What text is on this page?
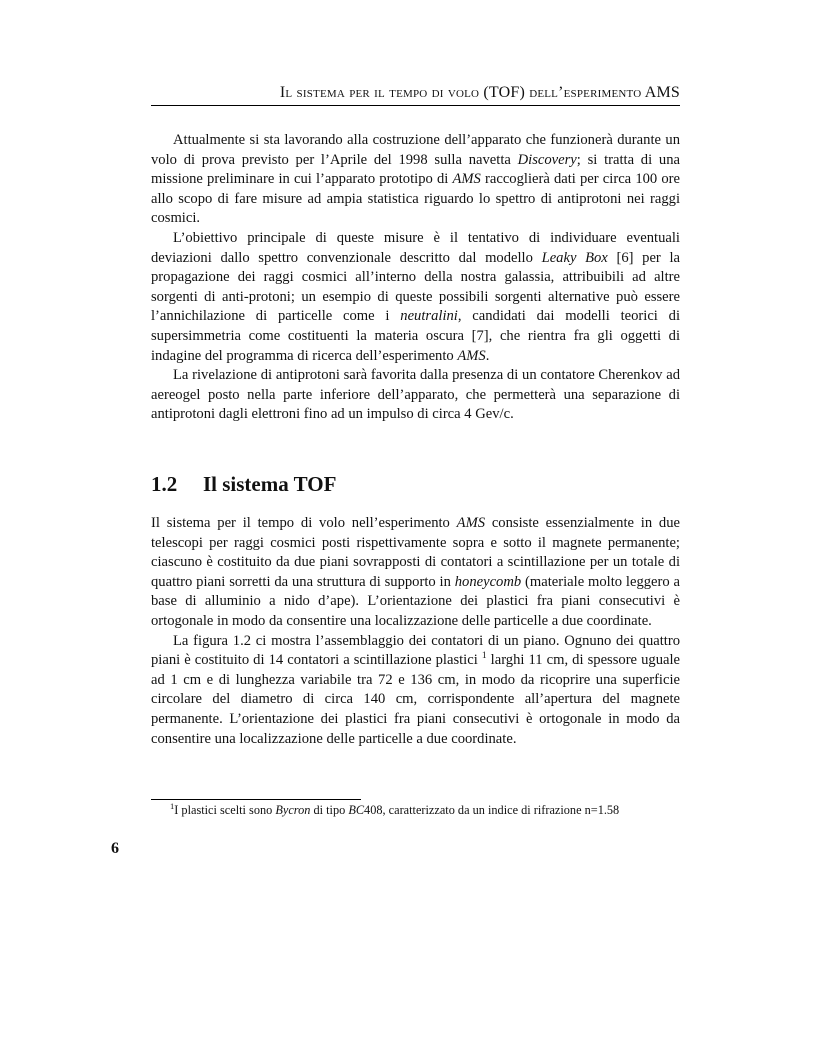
Il sistema per il tempo di volo (TOF) dell’esperimento AMS

Attualmente si sta lavorando alla costruzione dell’apparato che funzionerà durante un volo di prova previsto per l’Aprile del 1998 sulla navetta Discovery; si tratta di una missione preliminare in cui l’apparato prototipo di AMS raccoglierà dati per circa 100 ore allo scopo di fare misure ad ampia statistica riguardo lo spettro di antiprotoni nei raggi cosmici.

L’obiettivo principale di queste misure è il tentativo di individuare eventuali deviazioni dallo spettro convenzionale descritto dal modello Leaky Box [6] per la propagazione dei raggi cosmici all’interno della nostra galassia, attribuibili ad altre sorgenti di anti-protoni; un esempio di queste possibili sorgenti alternative può essere l’annichilazione di particelle come i neutralini, candidati dai modelli teorici di supersimmetria come costituenti la materia oscura [7], che rientra fra gli oggetti di indagine del programma di ricerca dell’esperimento AMS.

La rivelazione di antiprotoni sarà favorita dalla presenza di un contatore Cherenkov ad aereogel posto nella parte inferiore dell’apparato, che permetterà una separazione di antiprotoni dagli elettroni fino ad un impulso di circa 4 Gev/c.

1.2 Il sistema TOF

Il sistema per il tempo di volo nell’esperimento AMS consiste essenzialmente in due telescopi per raggi cosmici posti rispettivamente sopra e sotto il magnete permanente; ciascuno è costituito da due piani sovrapposti di contatori a scintillazione per un totale di quattro piani sorretti da una struttura di supporto in honeycomb (materiale molto leggero a base di alluminio a nido d’ape). L’orientazione dei plastici fra piani consecutivi è ortogonale in modo da consentire una localizzazione delle particelle a due coordinate.

La figura 1.2 ci mostra l’assemblaggio dei contatori di un piano. Ognuno dei quattro piani è costituito di 14 contatori a scintillazione plastici $^1$ larghi 11 cm, di spessore uguale ad 1 cm e di lunghezza variabile tra 72 e 136 cm, in modo da ricoprire una superficie circolare del diametro di circa 140 cm, corrispondente all’apertura del magnete permanente. L’orientazione dei plastici fra piani consecutivi è ortogonale in modo da consentire una localizzazione delle particelle a due coordinate.

$^1$I plastici scelti sono Bycron di tipo BC408, caratterizzato da un indice di rifrazione n=1.58
6
